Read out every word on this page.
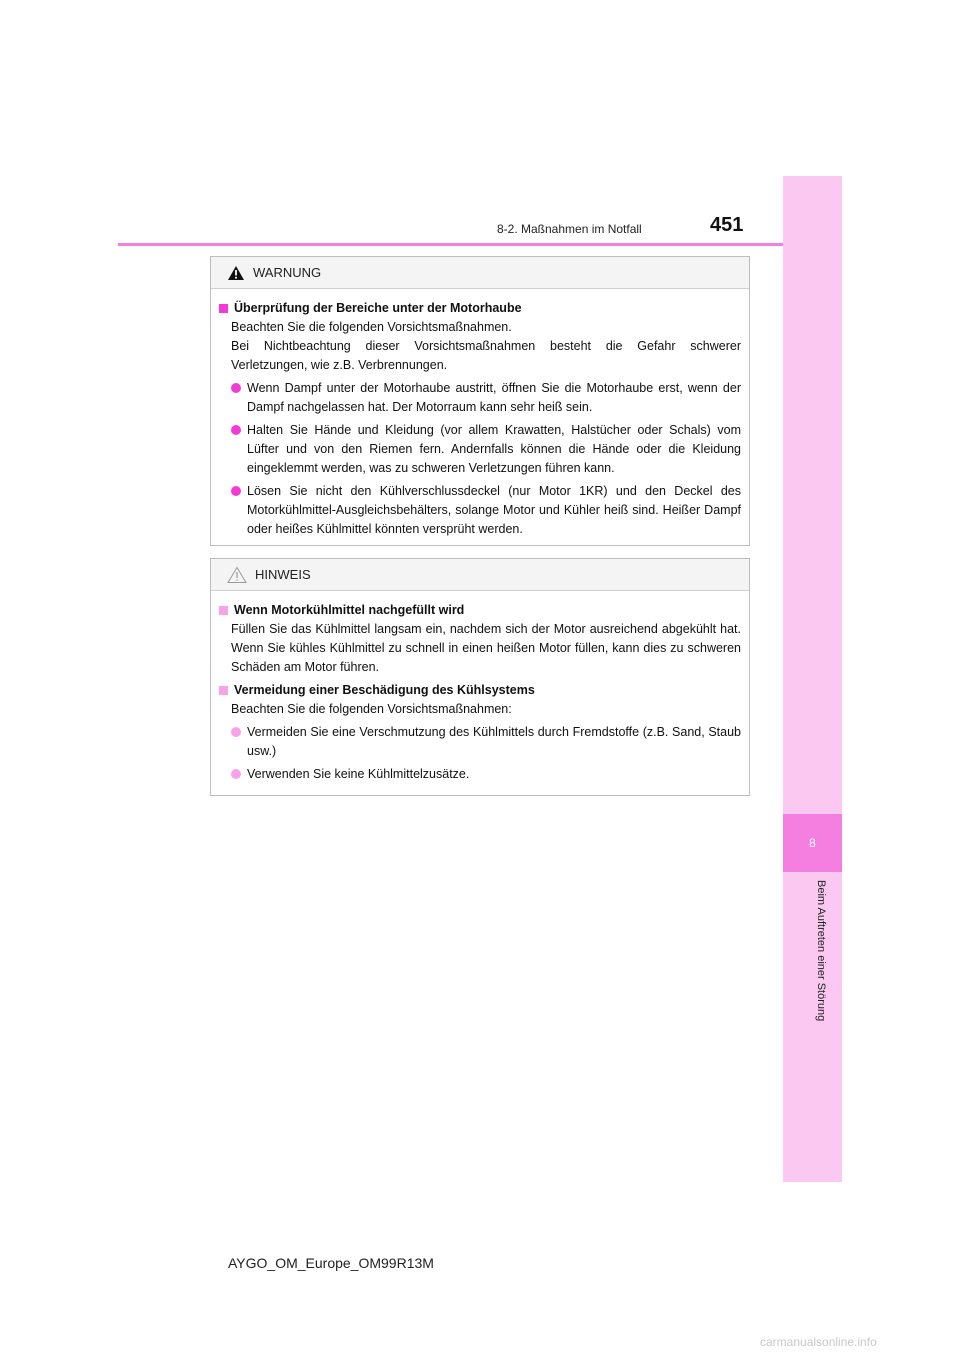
8
Beim Auftreten einer Störung
8-2. Maßnahmen im Notfall	451
WARNUNG
Überprüfung der Bereiche unter der Motorhaube
Beachten Sie die folgenden Vorsichtsmaßnahmen.
Bei Nichtbeachtung dieser Vorsichtsmaßnahmen besteht die Gefahr schwerer Verletzungen, wie z.B. Verbrennungen.
Wenn Dampf unter der Motorhaube austritt, öffnen Sie die Motorhaube erst, wenn der Dampf nachgelassen hat. Der Motorraum kann sehr heiß sein.
Halten Sie Hände und Kleidung (vor allem Krawatten, Halstücher oder Schals) vom Lüfter und von den Riemen fern. Andernfalls können die Hände oder die Kleidung eingeklemmt werden, was zu schweren Verletzungen führen kann.
Lösen Sie nicht den Kühlverschlussdeckel (nur Motor 1KR) und den Deckel des Motorkühlmittel-Ausgleichsbehälters, solange Motor und Kühler heiß sind. Heißer Dampf oder heißes Kühlmittel könnten versprüht werden.
HINWEIS
Wenn Motorkühlmittel nachgefüllt wird
Füllen Sie das Kühlmittel langsam ein, nachdem sich der Motor ausreichend abgekühlt hat. Wenn Sie kühles Kühlmittel zu schnell in einen heißen Motor füllen, kann dies zu schweren Schäden am Motor führen.
Vermeidung einer Beschädigung des Kühlsystems
Beachten Sie die folgenden Vorsichtsmaßnahmen:
Vermeiden Sie eine Verschmutzung des Kühlmittels durch Fremdstoffe (z.B. Sand, Staub usw.)
Verwenden Sie keine Kühlmittelzusätze.
AYGO_OM_Europe_OM99R13M
carmanualsonline.info
